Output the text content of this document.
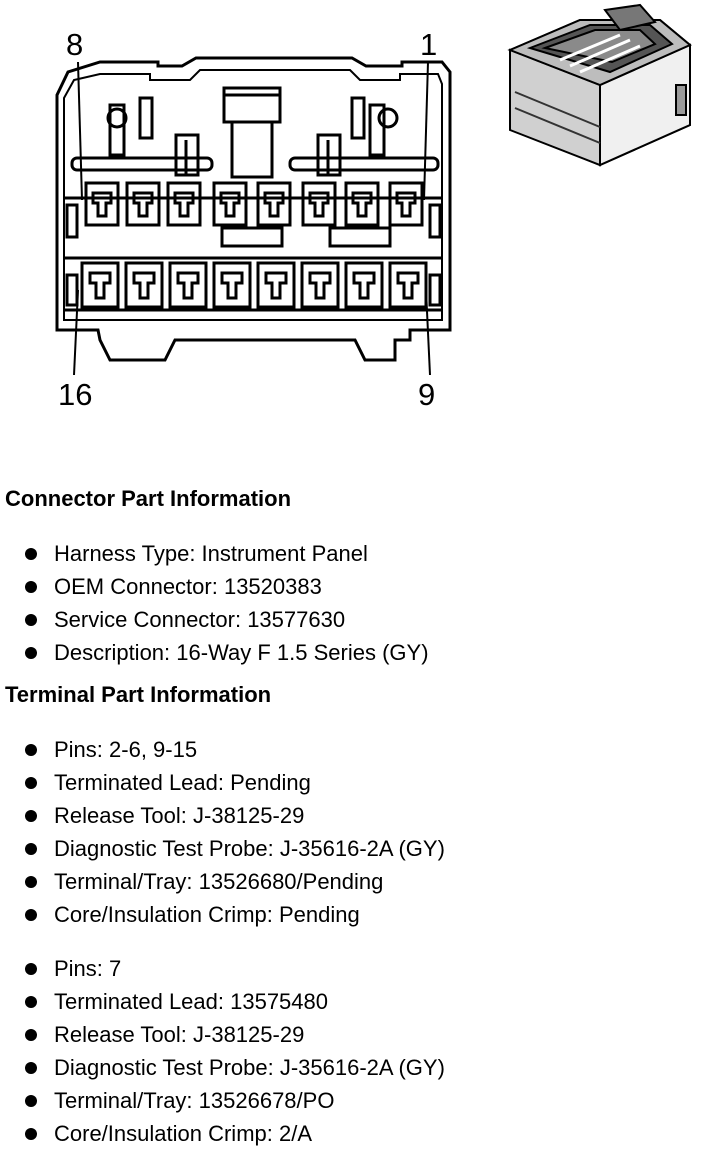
8	1
16	9
Connector Part Information
Harness Type: Instrument Panel
OEM Connector: 13520383
Service Connector: 13577630
Description: 16-Way F 1.5 Series (GY)
Terminal Part Information
Pins: 2-6, 9-15
Terminated Lead: Pending
Release Tool: J-38125-29
Diagnostic Test Probe: J-35616-2A (GY)
Terminal/Tray: 13526680/Pending
Core/Insulation Crimp: Pending
Pins: 7
Terminated Lead: 13575480
Release Tool: J-38125-29
Diagnostic Test Probe: J-35616-2A (GY)
Terminal/Tray: 13526678/PO
Core/Insulation Crimp: 2/A
